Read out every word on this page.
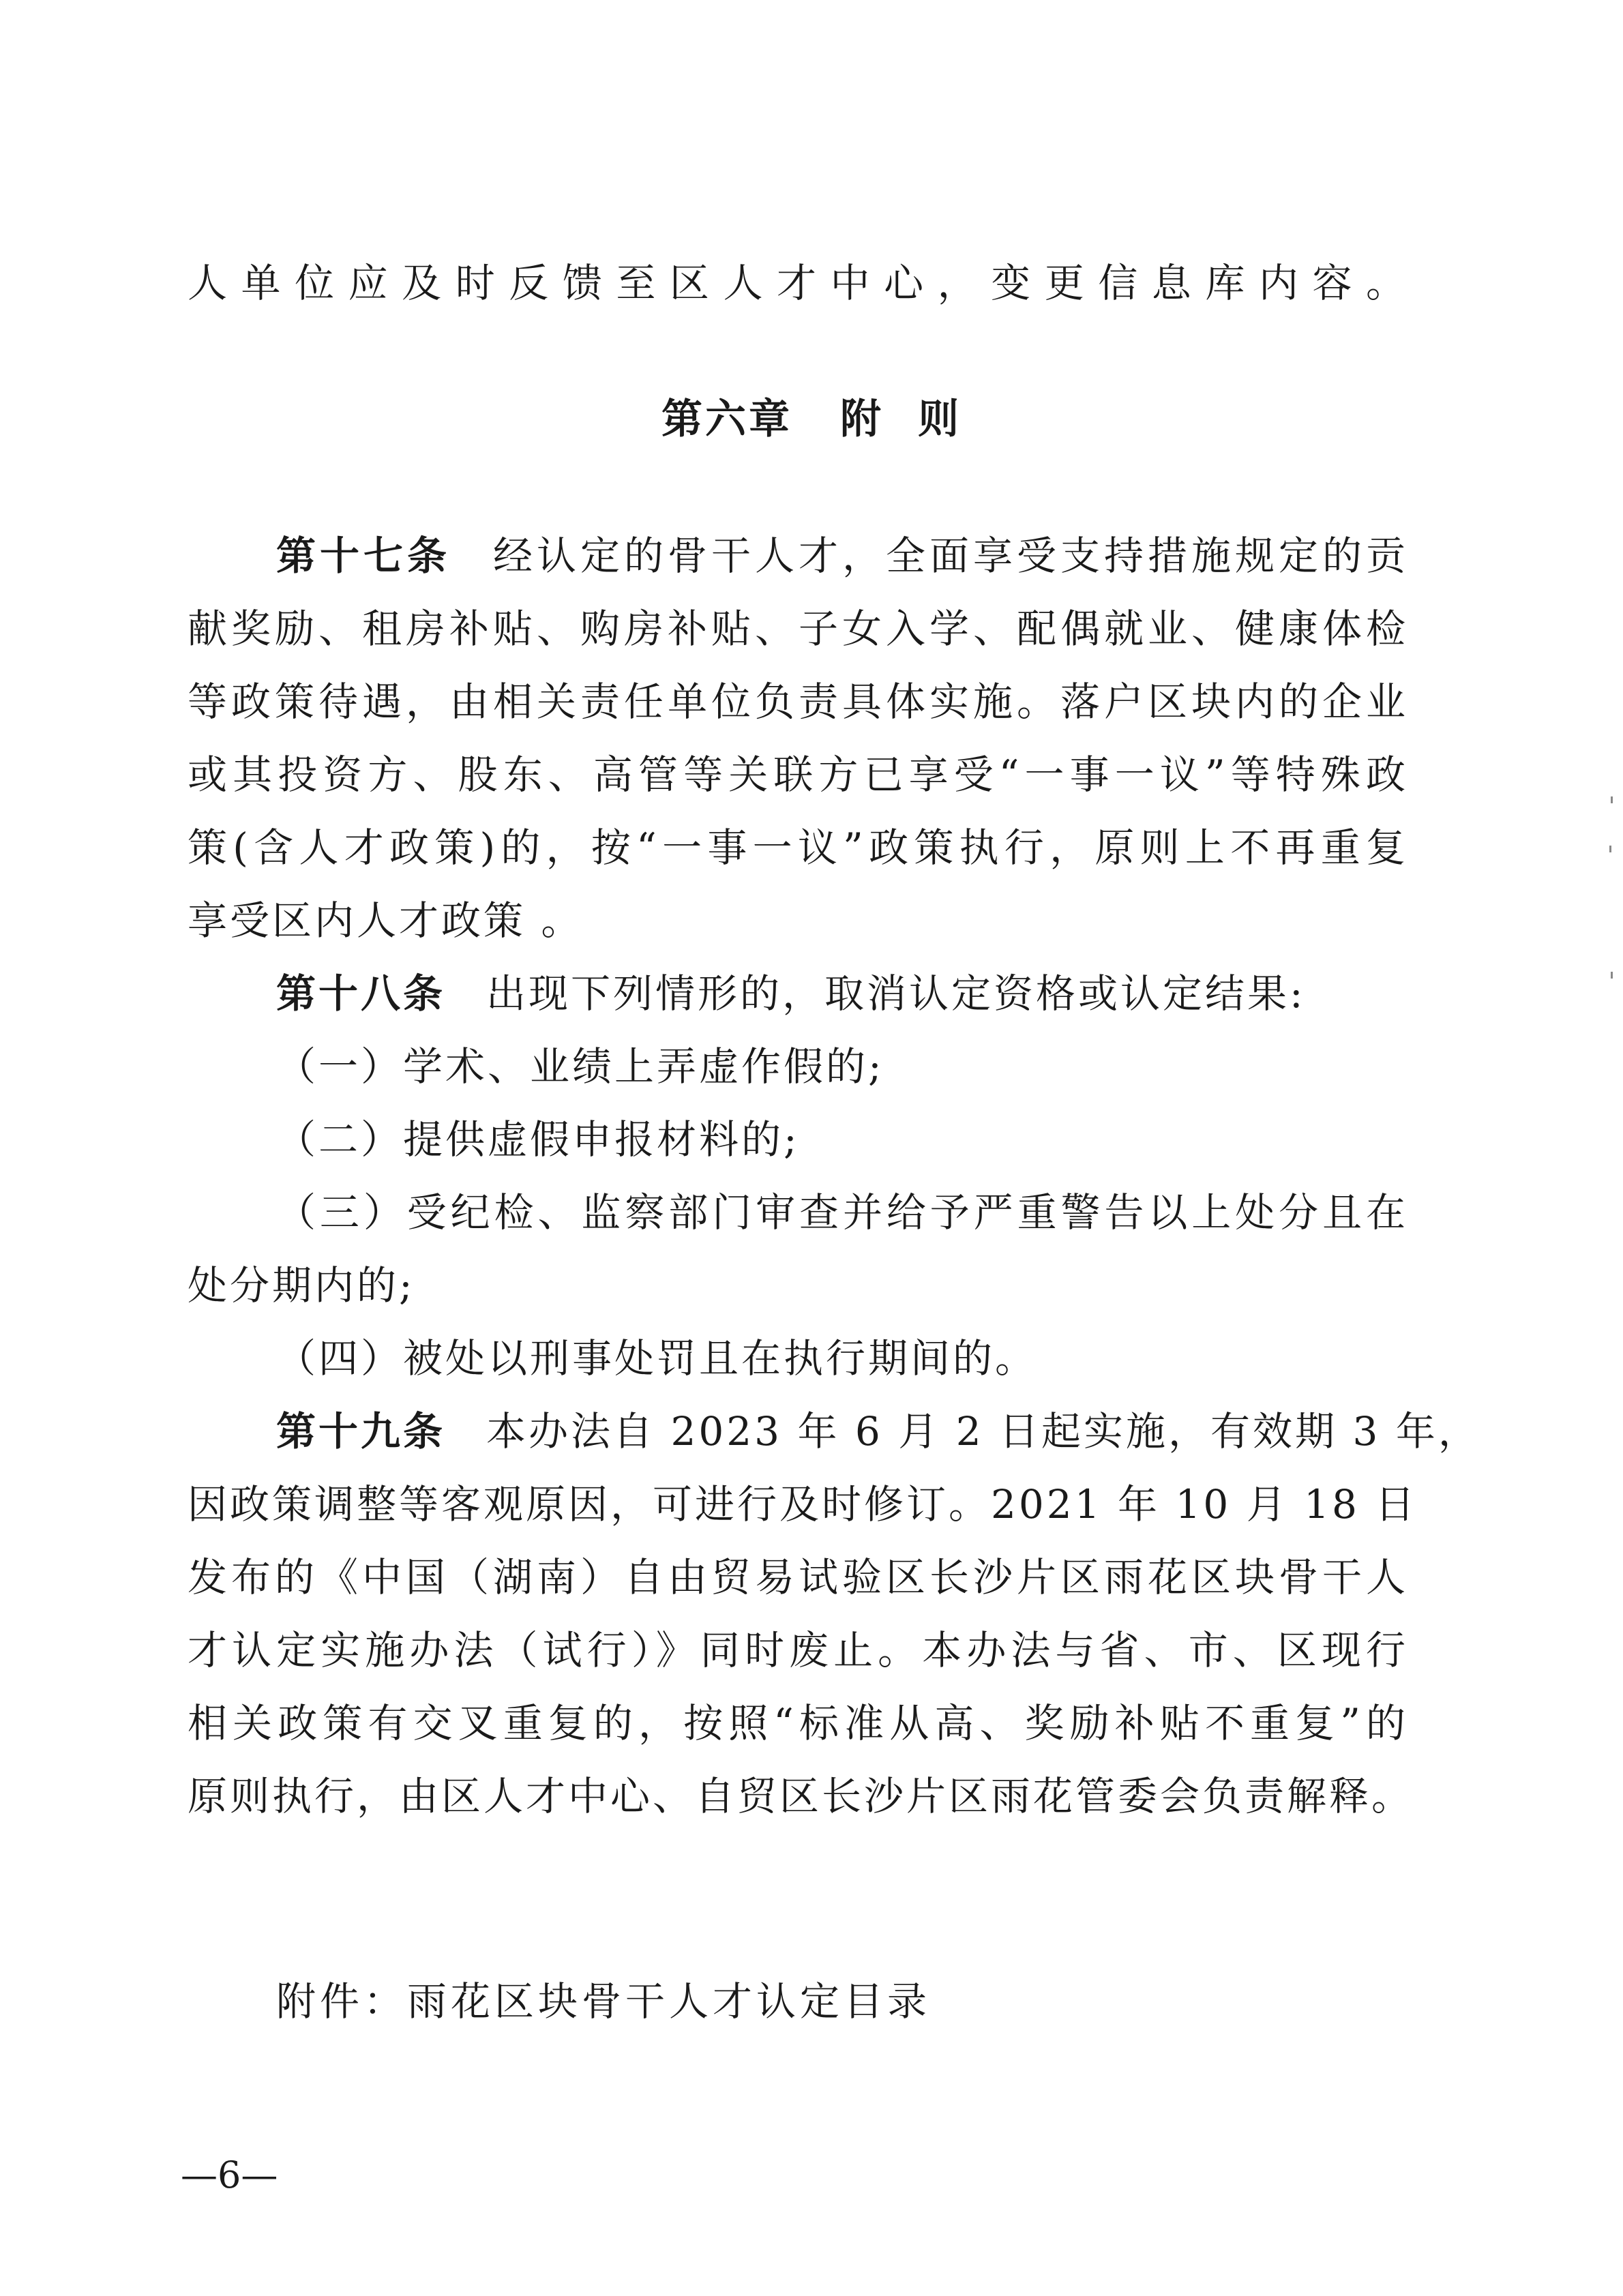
人单位应及时反馈至区人才中心，变更信息库内容。
第六章 附 则
第十七条 经认定的骨干人才，全面享受支持措施规定的贡
献奖励、租房补贴、购房补贴、子女入学、配偶就业、健康体检
等政策待遇，由相关责任单位负责具体实施。落户区块内的企业
或其投资方、股东、高管等关联方已享受“一事一议”等特殊政
策(含人才政策)的，按“一事一议”政策执行，原则上不再重复
享受区内人才政策 。
第十八条 出现下列情形的，取消认定资格或认定结果:
（一）学术、业绩上弄虚作假的;
（二）提供虚假申报材料的;
（三）受纪检、监察部门审查并给予严重警告以上处分且在
处分期内的;
（四）被处以刑事处罚且在执行期间的。
第十九条 本办法自 2023 年 6 月 2 日起实施，有效期 3 年，
因政策调整等客观原因，可进行及时修订。2021 年 10 月 18 日
发布的《中国（湖南）自由贸易试验区长沙片区雨花区块骨干人
才认定实施办法（试行）》同时废止。本办法与省、市、区现行
相关政策有交叉重复的，按照“标准从高、奖励补贴不重复”的
原则执行，由区人才中心、自贸区长沙片区雨花管委会负责解释。
附件：雨花区块骨干人才认定目录
—6—
